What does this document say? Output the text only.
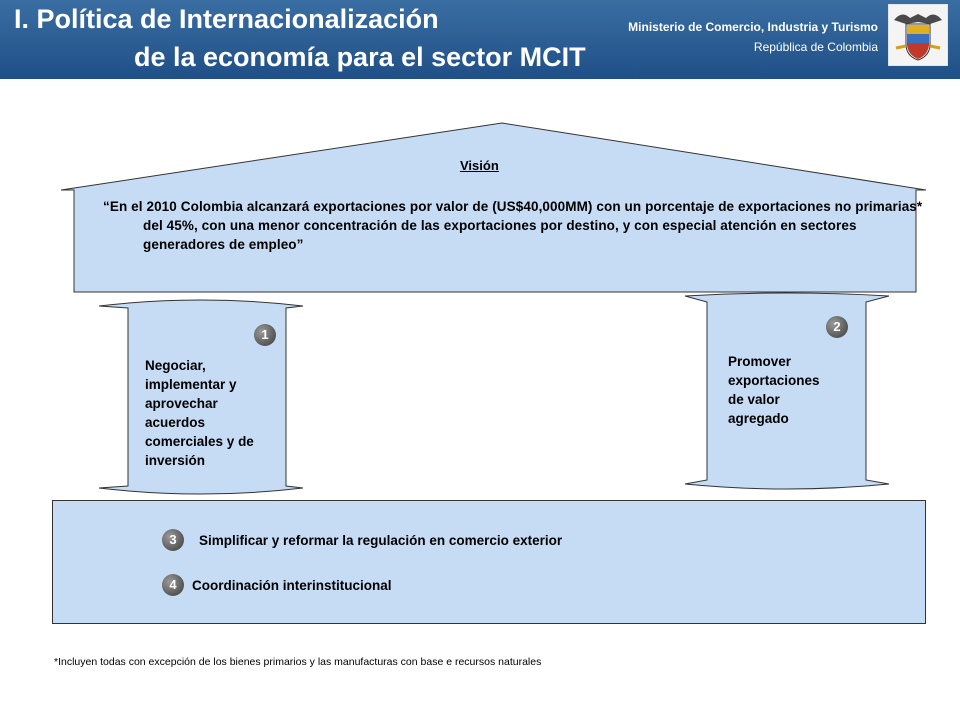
I. Política de Internacionalización
de la economía para el sector MCIT
Ministerio de Comercio, Industria y Turismo
República de Colombia
Visión
“En el 2010 Colombia alcanzará exportaciones por valor de (US$40,000MM) con un porcentaje de exportaciones no primarias* del 45%, con una menor concentración de las exportaciones por destino, y con especial atención en sectores generadores de empleo”
1
Negociar,
implementar y
aprovechar
acuerdos
comerciales y de
inversión
2
Promover
exportaciones
de valor
agregado
3	Simplificar y reformar la regulación en comercio exterior
4	Coordinación interinstitucional
*Incluyen todas con excepción de los bienes primarios y las manufacturas con base e recursos naturales
